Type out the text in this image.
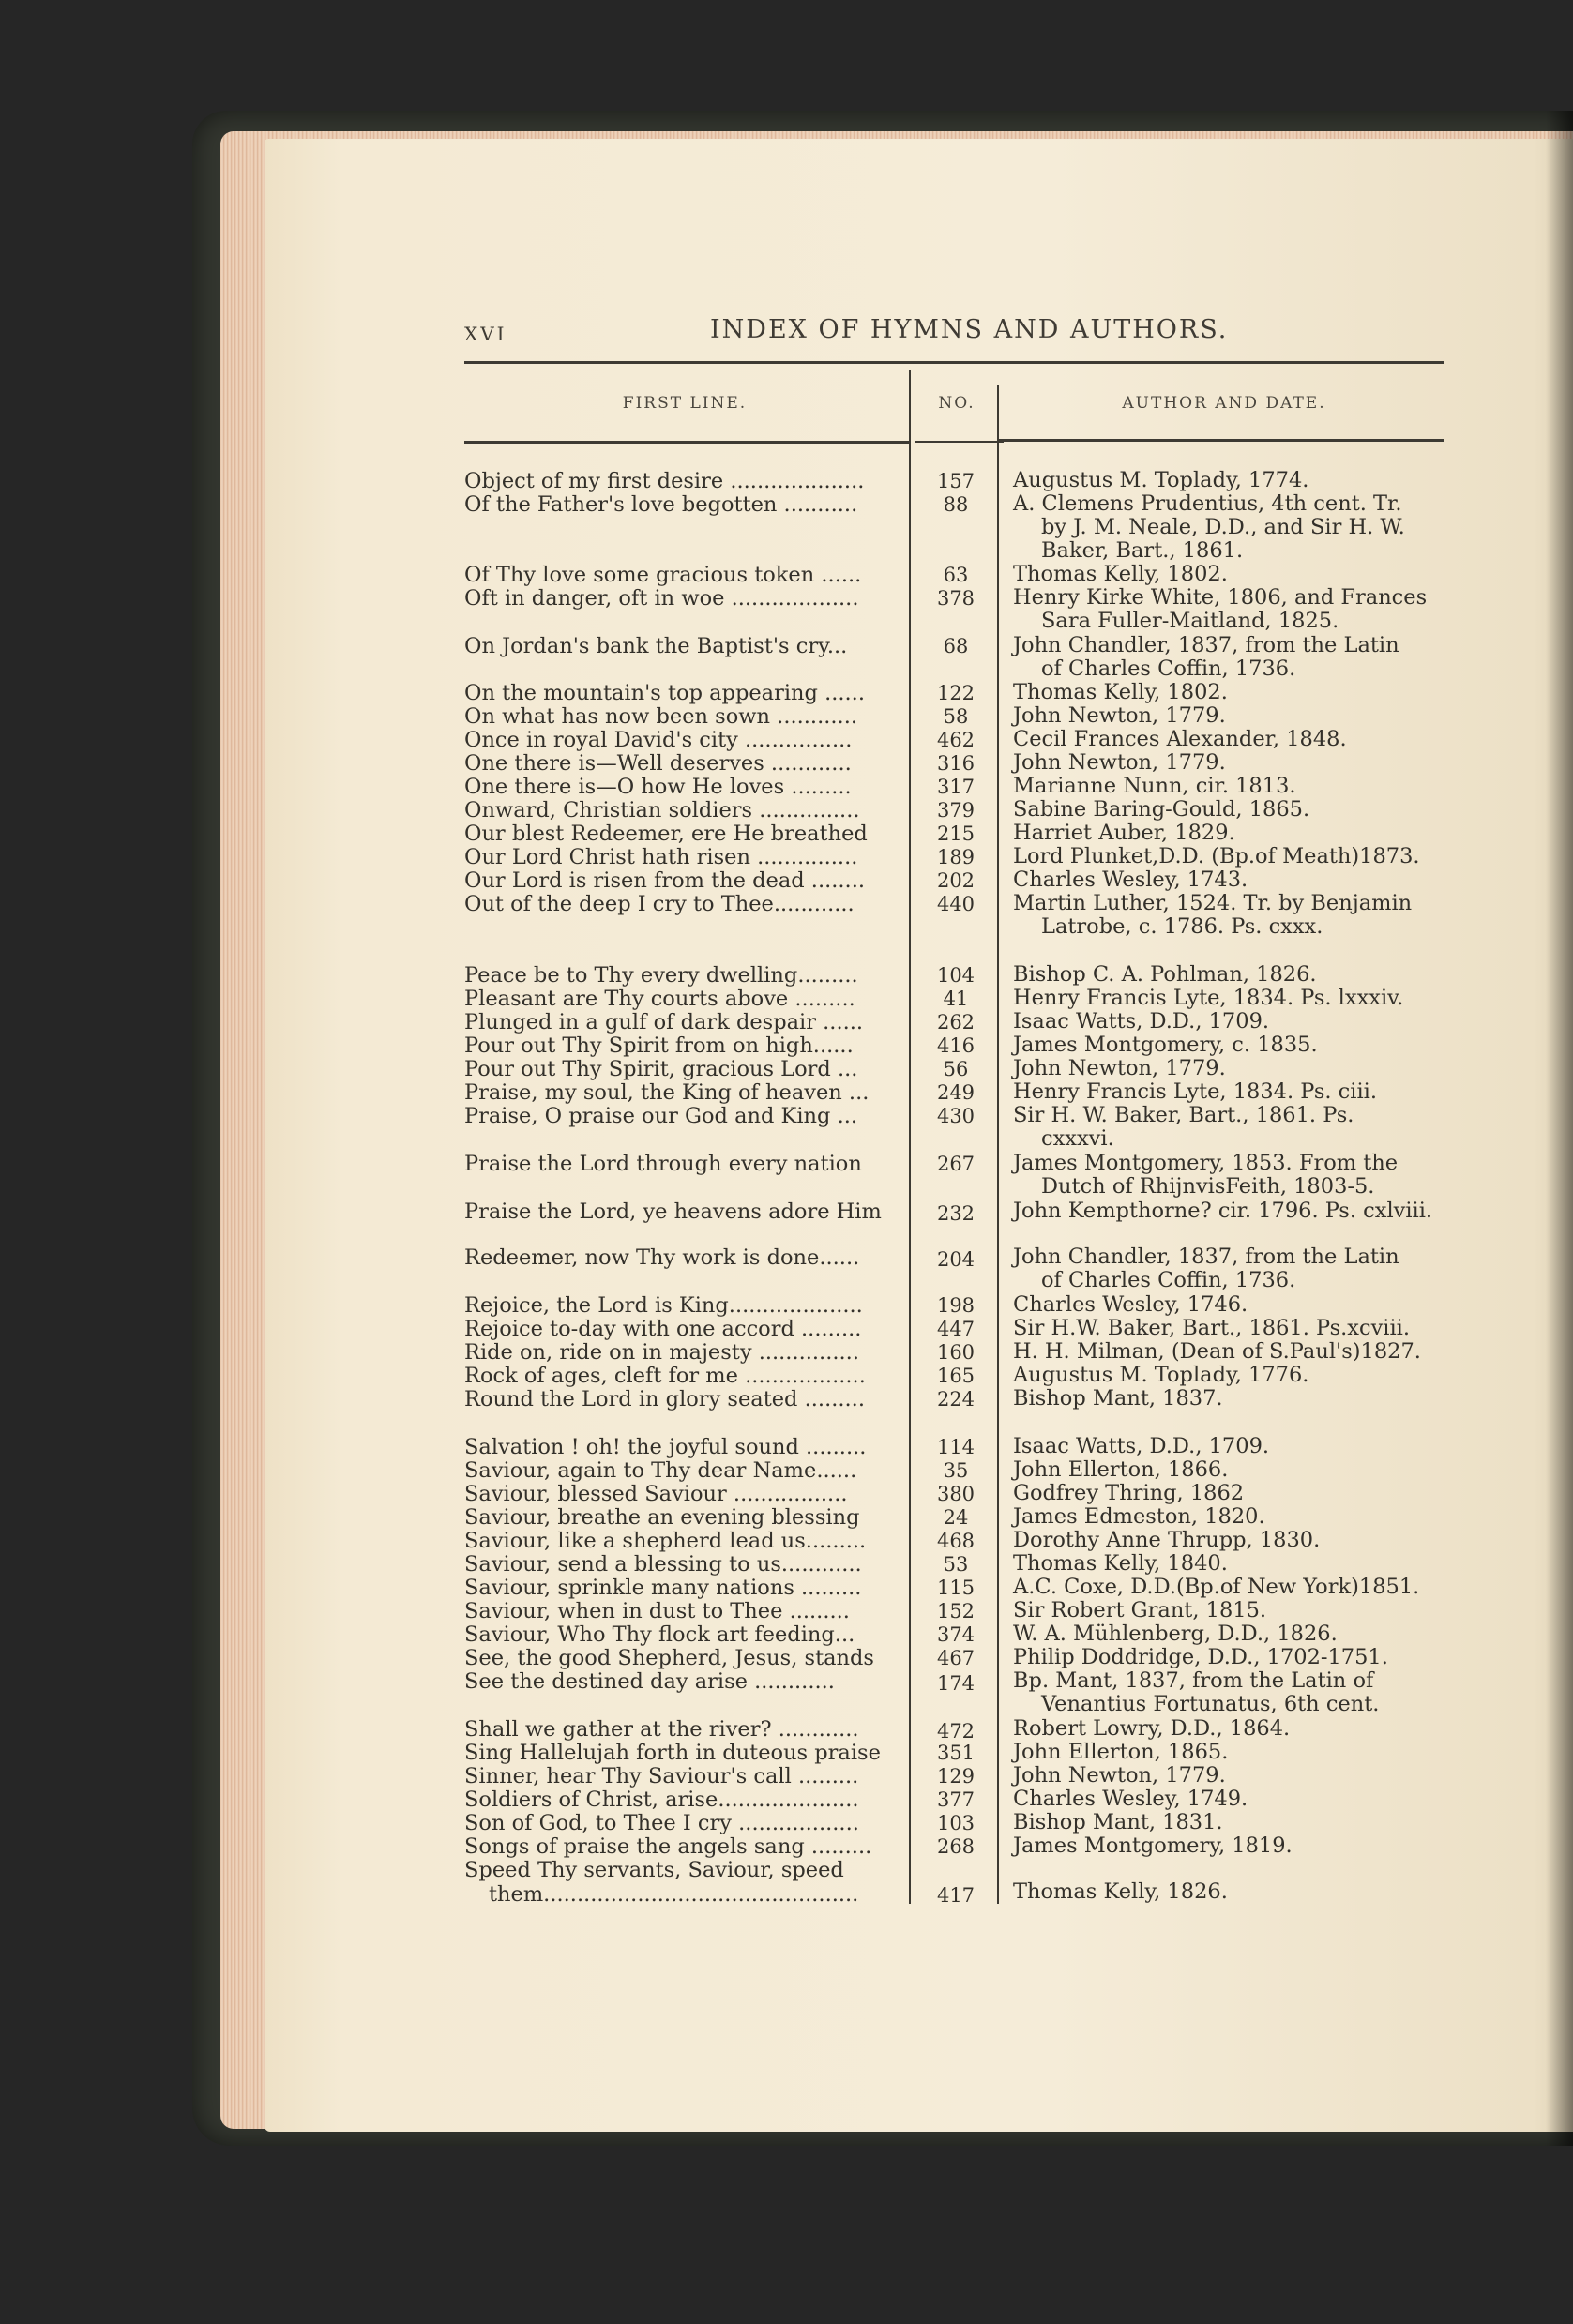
XVI	INDEX OF HYMNS AND AUTHORS.
FIRST LINE.	NO.	AUTHOR AND DATE.
Object of my first desire ....................	157	Augustus M. Toplady, 1774.
Of the Father's love begotten ...........	88	A. Clemens Prudentius, 4th cent. Tr.
by J. M. Neale, D.D., and Sir H. W.
Baker, Bart., 1861.
Of Thy love some gracious token ......	63	Thomas Kelly, 1802.
Oft in danger, oft in woe ...................	378	Henry Kirke White, 1806, and Frances
Sara Fuller-Maitland, 1825.
On Jordan's bank the Baptist's cry...	68	John Chandler, 1837, from the Latin
of Charles Coffin, 1736.
On the mountain's top appearing ......	122	Thomas Kelly, 1802.
On what has now been sown ............	58	John Newton, 1779.
Once in royal David's city ................	462	Cecil Frances Alexander, 1848.
One there is—Well deserves ............	316	John Newton, 1779.
One there is—O how He loves .........	317	Marianne Nunn, cir. 1813.
Onward, Christian soldiers ...............	379	Sabine Baring-Gould, 1865.
Our blest Redeemer, ere He breathed	215	Harriet Auber, 1829.
Our Lord Christ hath risen ...............	189	Lord Plunket,D.D. (Bp.of Meath)1873.
Our Lord is risen from the dead ........	202	Charles Wesley, 1743.
Out of the deep I cry to Thee............	440	Martin Luther, 1524. Tr. by Benjamin
Latrobe, c. 1786. Ps. cxxx.
Peace be to Thy every dwelling.........	104	Bishop C. A. Pohlman, 1826.
Pleasant are Thy courts above .........	41	Henry Francis Lyte, 1834. Ps. lxxxiv.
Plunged in a gulf of dark despair ......	262	Isaac Watts, D.D., 1709.
Pour out Thy Spirit from on high......	416	James Montgomery, c. 1835.
Pour out Thy Spirit, gracious Lord ...	56	John Newton, 1779.
Praise, my soul, the King of heaven ...	249	Henry Francis Lyte, 1834. Ps. ciii.
Praise, O praise our God and King ...	430	Sir H. W. Baker, Bart., 1861. Ps.
cxxxvi.
Praise the Lord through every nation	267	James Montgomery, 1853. From the
Dutch of RhijnvisFeith, 1803-5.
Praise the Lord, ye heavens adore Him	232	John Kempthorne? cir. 1796. Ps. cxlviii.
Redeemer, now Thy work is done......	204	John Chandler, 1837, from the Latin
of Charles Coffin, 1736.
Rejoice, the Lord is King....................	198	Charles Wesley, 1746.
Rejoice to-day with one accord .........	447	Sir H.W. Baker, Bart., 1861. Ps.xcviii.
Ride on, ride on in majesty ...............	160	H. H. Milman, (Dean of S.Paul's)1827.
Rock of ages, cleft for me ..................	165	Augustus M. Toplady, 1776.
Round the Lord in glory seated .........	224	Bishop Mant, 1837.
Salvation ! oh! the joyful sound .........	114	Isaac Watts, D.D., 1709.
Saviour, again to Thy dear Name......	35	John Ellerton, 1866.
Saviour, blessed Saviour .................	380	Godfrey Thring, 1862
Saviour, breathe an evening blessing	24	James Edmeston, 1820.
Saviour, like a shepherd lead us.........	468	Dorothy Anne Thrupp, 1830.
Saviour, send a blessing to us............	53	Thomas Kelly, 1840.
Saviour, sprinkle many nations .........	115	A.C. Coxe, D.D.(Bp.of New York)1851.
Saviour, when in dust to Thee .........	152	Sir Robert Grant, 1815.
Saviour, Who Thy flock art feeding...	374	W. A. Mühlenberg, D.D., 1826.
See, the good Shepherd, Jesus, stands	467	Philip Doddridge, D.D., 1702-1751.
See the destined day arise ............	174	Bp. Mant, 1837, from the Latin of
Venantius Fortunatus, 6th cent.
Shall we gather at the river? ............	472	Robert Lowry, D.D., 1864.
Sing Hallelujah forth in duteous praise	351	John Ellerton, 1865.
Sinner, hear Thy Saviour's call .........	129	John Newton, 1779.
Soldiers of Christ, arise.....................	377	Charles Wesley, 1749.
Son of God, to Thee I cry ..................	103	Bishop Mant, 1831.
Songs of praise the angels sang .........	268	James Montgomery, 1819.
Speed Thy servants, Saviour, speed
them...............................................	417	Thomas Kelly, 1826.
